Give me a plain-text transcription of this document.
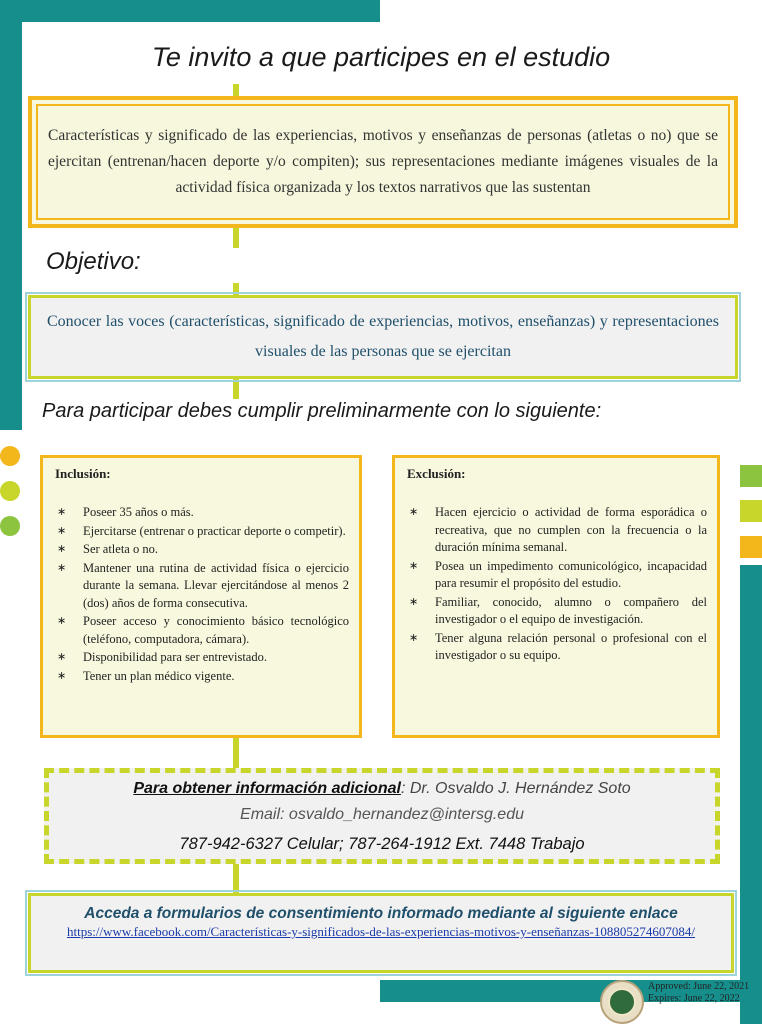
Te invito a que participes en el estudio

Características y significado de las experiencias, motivos y enseñanzas de personas (atletas o no) que se ejercitan (entrenan/hacen deporte y/o compiten); sus representaciones mediante imágenes visuales de la actividad física organizada y los textos narrativos que las sustentan

Objetivo:

Conocer las voces (características, significado de experiencias, motivos, enseñanzas) y representaciones visuales de las personas que se ejercitan

Para participar debes cumplir preliminarmente con lo siguiente:
Inclusión:
∗ Poseer 35 años o más.
∗ Ejercitarse (entrenar o practicar deporte o competir).
∗ Ser atleta o no.
∗ Mantener una rutina de actividad física o ejercicio durante la semana. Llevar ejercitándose al menos 2 (dos) años de forma consecutiva.
∗ Poseer acceso y conocimiento básico tecnológico (teléfono, computadora, cámara).
∗ Disponibilidad para ser entrevistado.
∗ Tener un plan médico vigente.
Exclusión:
∗ Hacen ejercicio o actividad de forma esporádica o recreativa, que no cumplen con la frecuencia o la duración mínima semanal.
∗ Posea un impedimento comunicológico, incapacidad para resumir el propósito del estudio.
∗ Familiar, conocido, alumno o compañero del investigador o el equipo de investigación.
∗ Tener alguna relación personal o profesional con el investigador o su equipo.
Para obtener información adicional: Dr. Osvaldo J. Hernández Soto
Email: osvaldo_hernandez@intersg.edu
787-942-6327 Celular; 787-264-1912 Ext. 7448 Trabajo
Acceda a formularios de consentimiento informado mediante al siguiente enlace
https://www.facebook.com/Características-y-significados-de-las-experiencias-motivos-y-enseñanzas-108805274607084/
Approved: June 22, 2021
Expires: June 22, 2022
